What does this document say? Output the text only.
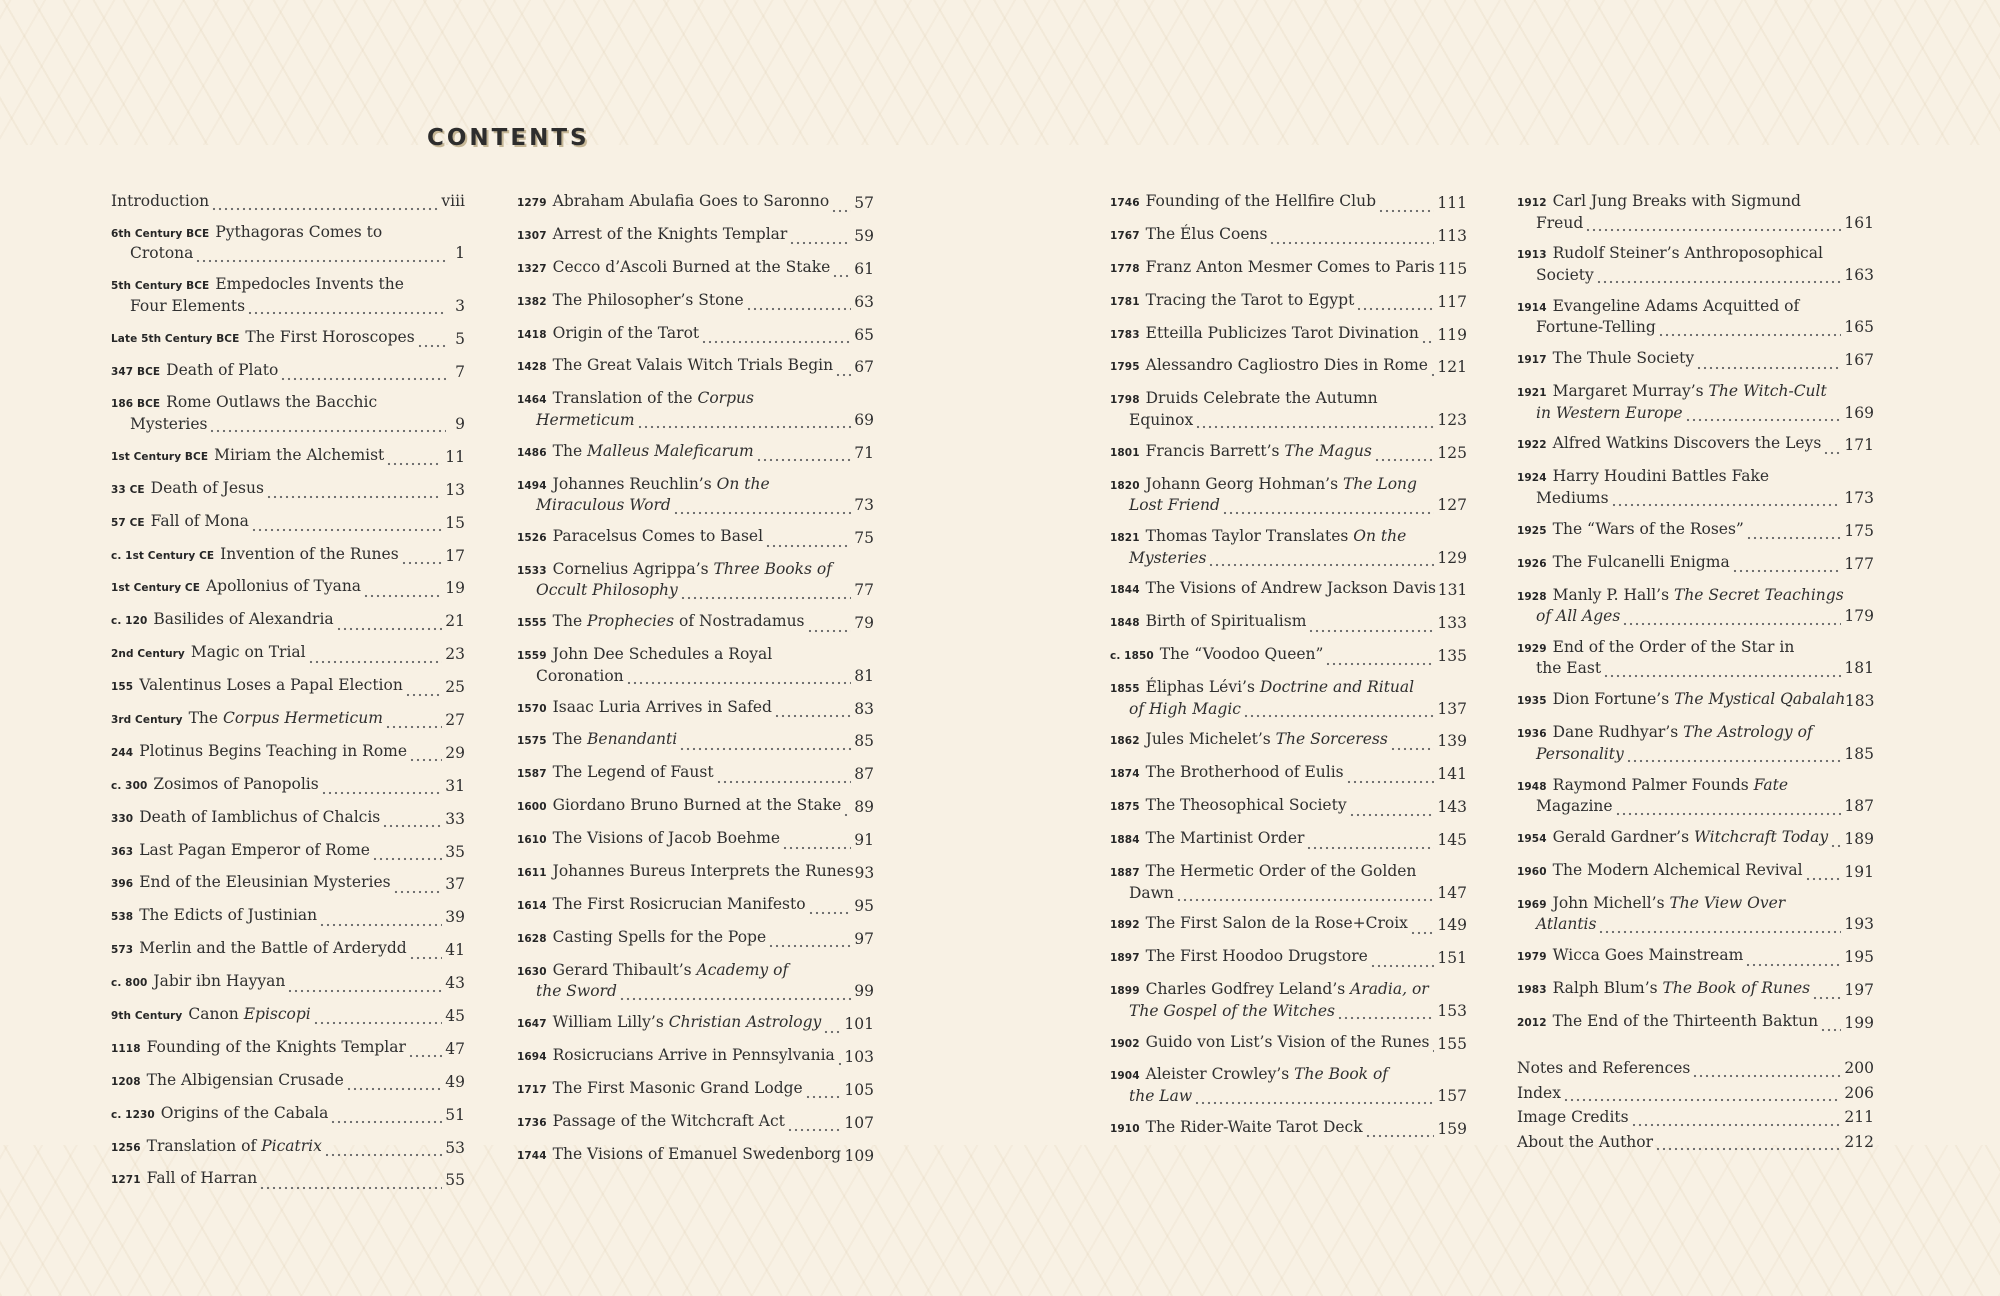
CONTENTS
Introduction	viii
6th Century BCE Pythagoras Comes to
Crotona	1
5th Century BCE Empedocles Invents the
Four Elements	3
Late 5th Century BCE The First Horoscopes	5
347 BCE Death of Plato	7
186 BCE Rome Outlaws the Bacchic
Mysteries	9
1st Century BCE Miriam the Alchemist	11
33 CE Death of Jesus	13
57 CE Fall of Mona	15
c. 1st Century CE Invention of the Runes	17
1st Century CE Apollonius of Tyana	19
c. 120 Basilides of Alexandria	21
2nd Century Magic on Trial	23
155 Valentinus Loses a Papal Election	25
3rd Century The Corpus Hermeticum	27
244 Plotinus Begins Teaching in Rome 29
c. 300 Zosimos of Panopolis	31
330 Death of Iamblichus of Chalcis	33
363 Last Pagan Emperor of Rome	35
396 End of the Eleusinian Mysteries	37
538 The Edicts of Justinian	39
573 Merlin and the Battle of Arderydd 41
c. 800 Jabir ibn Hayyan	43
9th Century Canon Episcopi	45
1118 Founding of the Knights Templar	47
1208 The Albigensian Crusade	49
c. 1230 Origins of the Cabala	51
1256 Translation of Picatrix	53
1271 Fall of Harran	55
1279 Abraham Abulafia Goes to Saronno 57
1307 Arrest of the Knights Templar	59
1327 Cecco d’Ascoli Burned at the Stake 61
1382 The Philosopher’s Stone	63
1418 Origin of the Tarot	65
1428 The Great Valais Witch Trials Begin 67
1464 Translation of the Corpus
Hermeticum	69
1486 The Malleus Maleficarum	71
1494 Johannes Reuchlin’s On the
Miraculous Word	73
1526 Paracelsus Comes to Basel	75
1533 Cornelius Agrippa’s Three Books of
Occult Philosophy	77
1555 The Prophecies of Nostradamus	79
1559 John Dee Schedules a Royal
Coronation	81
1570 Isaac Luria Arrives in Safed	83
1575 The Benandanti	85
1587 The Legend of Faust	87
1600 Giordano Bruno Burned at the Stake 89
1610 The Visions of Jacob Boehme	91
1611 Johannes Bureus Interprets the Runes 93
1614 The First Rosicrucian Manifesto	95
1628 Casting Spells for the Pope	97
1630 Gerard Thibault’s Academy of
the Sword	99
1647 William Lilly’s Christian Astrology 101
1694 Rosicrucians Arrive in Pennsylvania 103
1717 The First Masonic Grand Lodge	105
1736 Passage of the Witchcraft Act	107
1744 The Visions of Emanuel Swedenborg 109
1746 Founding of the Hellfire Club	111
1767 The Élus Coens	113
1778 Franz Anton Mesmer Comes to Paris 115
1781 Tracing the Tarot to Egypt	117
1783 Etteilla Publicizes Tarot Divination 119
1795 Alessandro Cagliostro Dies in Rome 121
1798 Druids Celebrate the Autumn
Equinox	123
1801 Francis Barrett’s The Magus	125
1820 Johann Georg Hohman’s The Long
Lost Friend	127
1821 Thomas Taylor Translates On the
Mysteries	129
1844 The Visions of Andrew Jackson Davis 131
1848 Birth of Spiritualism	133
c. 1850 The “Voodoo Queen”	135
1855 Éliphas Lévi’s Doctrine and Ritual
of High Magic	137
1862 Jules Michelet’s The Sorceress	139
1874 The Brotherhood of Eulis	141
1875 The Theosophical Society	143
1884 The Martinist Order	145
1887 The Hermetic Order of the Golden
Dawn	147
1892 The First Salon de la Rose+Croix 149
1897 The First Hoodoo Drugstore	151
1899 Charles Godfrey Leland’s Aradia, or
The Gospel of the Witches	153
1902 Guido von List’s Vision of the Runes 155
1904 Aleister Crowley’s The Book of
the Law	157
1910 The Rider-Waite Tarot Deck	159
1912 Carl Jung Breaks with Sigmund
Freud	161
1913 Rudolf Steiner’s Anthroposophical
Society	163
1914 Evangeline Adams Acquitted of
Fortune-Telling	165
1917 The Thule Society	167
1921 Margaret Murray’s The Witch-Cult
in Western Europe	169
1922 Alfred Watkins Discovers the Leys 171
1924 Harry Houdini Battles Fake
Mediums	173
1925 The “Wars of the Roses”	175
1926 The Fulcanelli Enigma	177
1928 Manly P. Hall’s The Secret Teachings
of All Ages	179
1929 End of the Order of the Star in
the East	181
1935 Dion Fortune’s The Mystical Qabalah 183
1936 Dane Rudhyar’s The Astrology of
Personality	185
1948 Raymond Palmer Founds Fate
Magazine	187
1954 Gerald Gardner’s Witchcraft Today 189
1960 The Modern Alchemical Revival	191
1969 John Michell’s The View Over
Atlantis	193
1979 Wicca Goes Mainstream	195
1983 Ralph Blum’s The Book of Runes 197
2012 The End of the Thirteenth Baktun 199
Notes and References	200
Index	206
Image Credits	211
About the Author	212
